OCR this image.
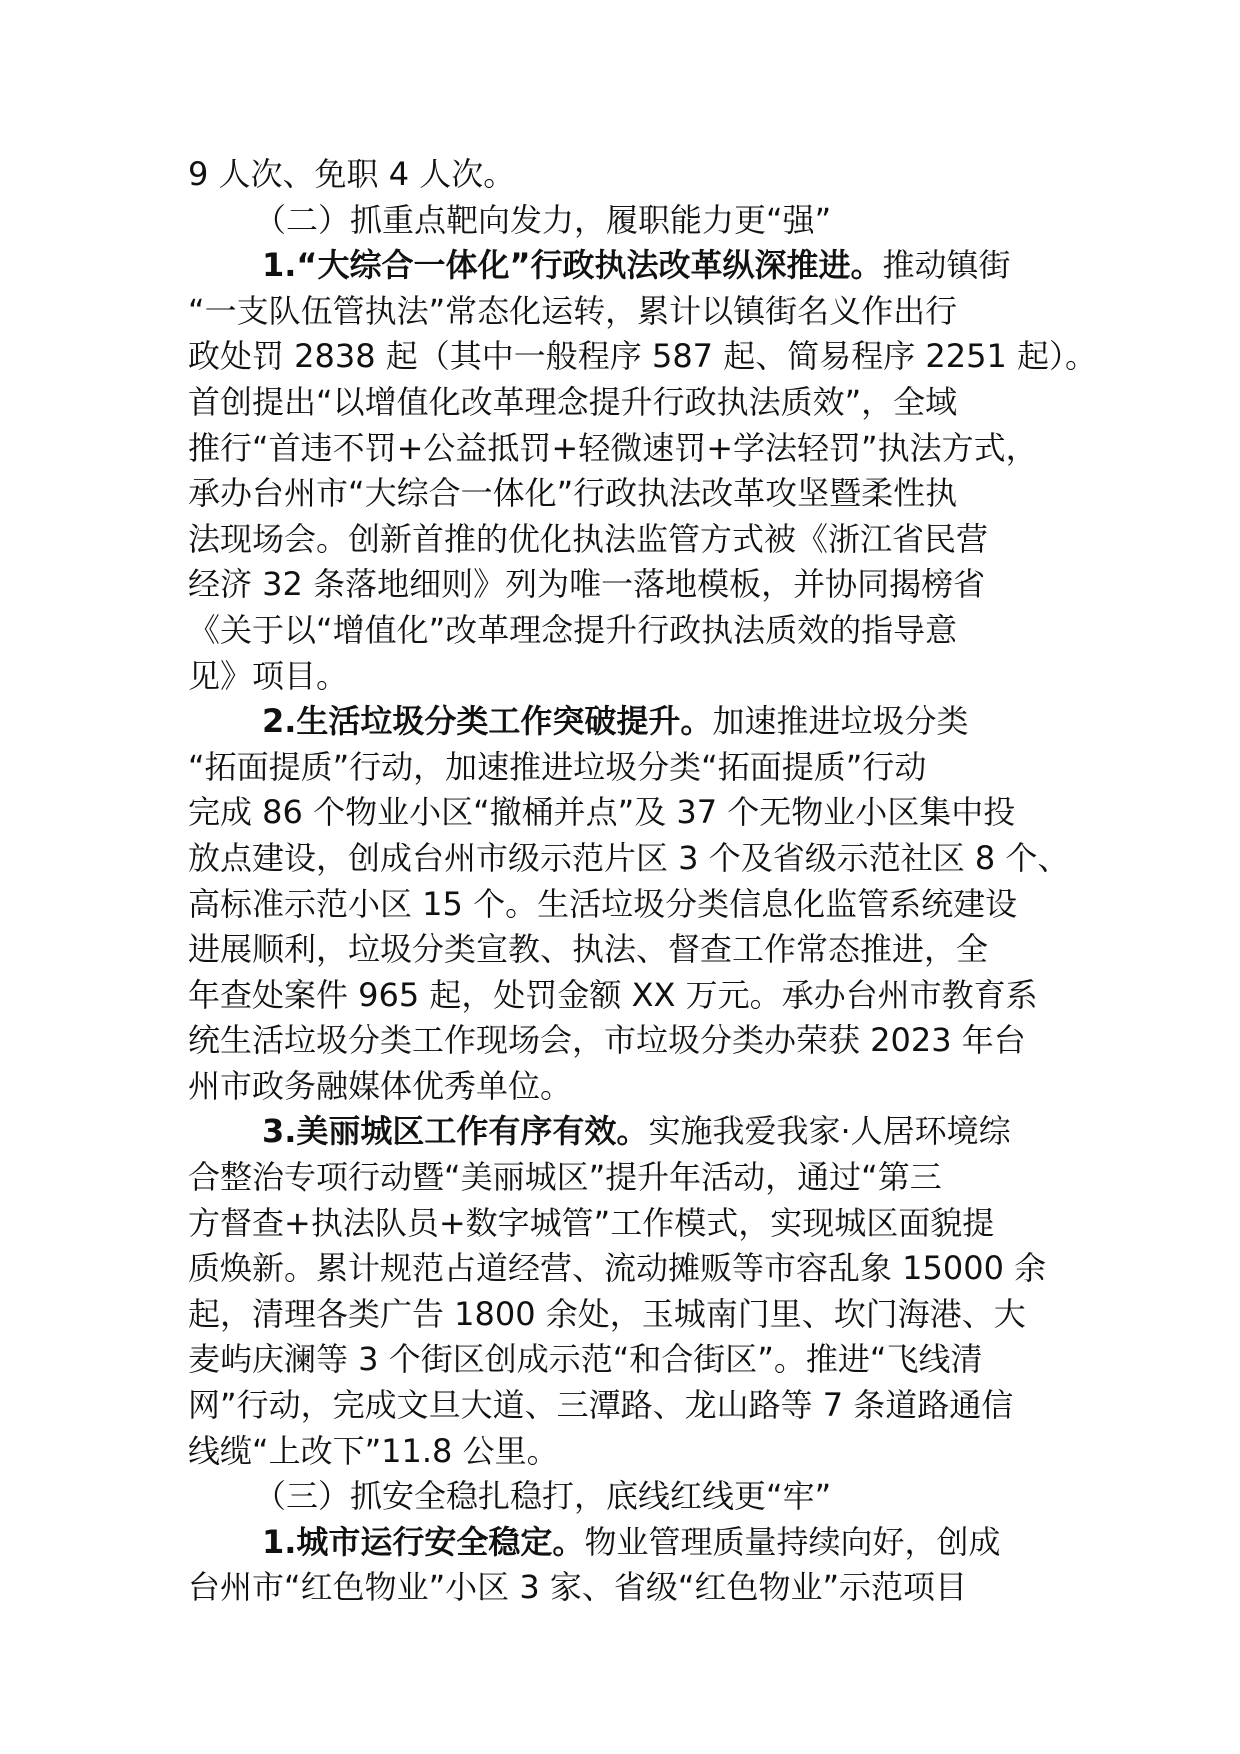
9 人次、免职 4 人次。
（二）抓重点靶向发力，履职能力更“强”
1.“大综合一体化”行政执法改革纵深推进。推动镇街
“一支队伍管执法”常态化运转，累计以镇街名义作出行
政处罚 2838 起（其中一般程序 587 起、简易程序 2251 起）。
首创提出“以增值化改革理念提升行政执法质效”，全域
推行“首违不罚+公益抵罚+轻微速罚+学法轻罚”执法方式，
承办台州市“大综合一体化”行政执法改革攻坚暨柔性执
法现场会。创新首推的优化执法监管方式被《浙江省民营
经济 32 条落地细则》列为唯一落地模板，并协同揭榜省
《关于以“增值化”改革理念提升行政执法质效的指导意
见》项目。
2.生活垃圾分类工作突破提升。加速推进垃圾分类
“拓面提质”行动，加速推进垃圾分类“拓面提质”行动
完成 86 个物业小区“撤桶并点”及 37 个无物业小区集中投
放点建设，创成台州市级示范片区 3 个及省级示范社区 8 个、
高标准示范小区 15 个。生活垃圾分类信息化监管系统建设
进展顺利，垃圾分类宣教、执法、督查工作常态推进，全
年查处案件 965 起，处罚金额 XX 万元。承办台州市教育系
统生活垃圾分类工作现场会，市垃圾分类办荣获 2023 年台
州市政务融媒体优秀单位。
3.美丽城区工作有序有效。实施我爱我家·人居环境综
合整治专项行动暨“美丽城区”提升年活动，通过“第三
方督查+执法队员+数字城管”工作模式，实现城区面貌提
质焕新。累计规范占道经营、流动摊贩等市容乱象 15000 余
起，清理各类广告 1800 余处，玉城南门里、坎门海港、大
麦屿庆澜等 3 个街区创成示范“和合街区”。推进“飞线清
网”行动，完成文旦大道、三潭路、龙山路等 7 条道路通信
线缆“上改下”11.8 公里。
（三）抓安全稳扎稳打，底线红线更“牢”
1.城市运行安全稳定。物业管理质量持续向好，创成
台州市“红色物业”小区 3 家、省级“红色物业”示范项目
